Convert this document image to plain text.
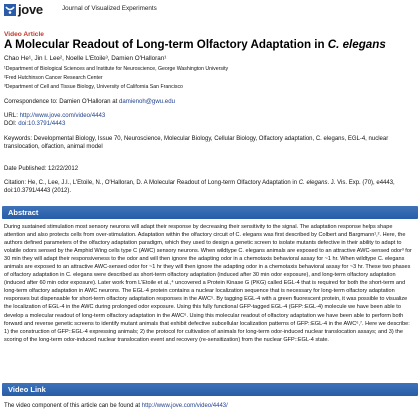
jove	Journal of Visualized Experiments
Video Article
A Molecular Readout of Long-term Olfactory Adaptation in C. elegans
Chao He¹, Jin I. Lee², Noelle L'Etoile³, Damien O'Halloran¹
¹Department of Biological Sciences and Institute for Neuroscience, George Washington University
²Fred Hutchinson Cancer Research Center
³Department of Cell and Tissue Biology, University of California San Francisco
Correspondence to: Damien O'Halloran at damienoh@gwu.edu
URL: http://www.jove.com/video/4443
DOI: doi:10.3791/4443
Keywords: Developmental Biology, Issue 70, Neuroscience, Molecular Biology, Cellular Biology, Olfactory adaptation, C. elegans, EGL-4, nuclear translocation, olfaction, animal model
Date Published: 12/22/2012
Citation: He, C., Lee, J.I., L'Etoile, N., O'Halloran, D. A Molecular Readout of Long-term Olfactory Adaptation in C. elegans. J. Vis. Exp. (70), e4443, doi:10.3791/4443 (2012).
Abstract

During sustained stimulation most sensory neurons will adapt their response by decreasing their sensitivity to the signal. The adaptation response helps shape attention and also protects cells from over-stimulation. Adaptation within the olfactory circuit of C. elegans was first described by Colbert and Bargmann¹,². Here, the authors defined parameters of the olfactory adaptation paradigm, which they used to design a genetic screen to isolate mutants defective in their ability to adapt to volatile odors sensed by the Amphid Wing cells type C (AWC) sensory neurons. When wildtype C. elegans animals are exposed to an attractive AWC-sensed odor³ for 30 min they will adapt their responsiveness to the odor and will then ignore the adapting odor in a chemotaxis behavioral assay for ~1 hr. When wildtype C. elegans animals are exposed to an attractive AWC-sensed odor for ~1 hr they will then ignore the adapting odor in a chemotaxis behavioral assay for ~3 hr. These two phases of olfactory adaptation in C. elegans were described as short-term olfactory adaptation (induced after 30 min odor exposure), and long-term olfactory adaptation (induced after 60 min odor exposure). Later work from L'Etoile et al.,⁴ uncovered a Protein Kinase G (PKG) called EGL-4 that is required for both the short-term and long-term olfactory adaptation in AWC neurons. The EGL-4 protein contains a nuclear localization sequence that is necessary for long-term olfactory adaptation responses but dispensable for short-term olfactory adaptation responses in the AWC⁵. By tagging EGL-4 with a green fluorescent protein, it was possible to visualize the localization of EGL-4 in the AWC during prolonged odor exposure. Using this fully functional GFP-tagged EGL-4 (GFP::EGL-4) molecule we have been able to develop a molecular readout of long-term olfactory adaptation in the AWC⁶. Using this molecular readout of olfactory adaptation we have been able to perform both forward and reverse genetic screens to identify mutant animals that exhibit defective subcellular localization patterns of GFP::EGL-4 in the AWC⁶,⁷. Here we describe: 1) the construction of GFP::EGL-4 expressing animals; 2) the protocol for cultivation of animals for long-term odor-induced nuclear translocation assays; and 3) the scoring of the long-term odor-induced nuclear translocation event and recovery (re-sensitization) from the nuclear GFP::EGL-4 state.

Video Link
The video component of this article can be found at http://www.jove.com/video/4443/
